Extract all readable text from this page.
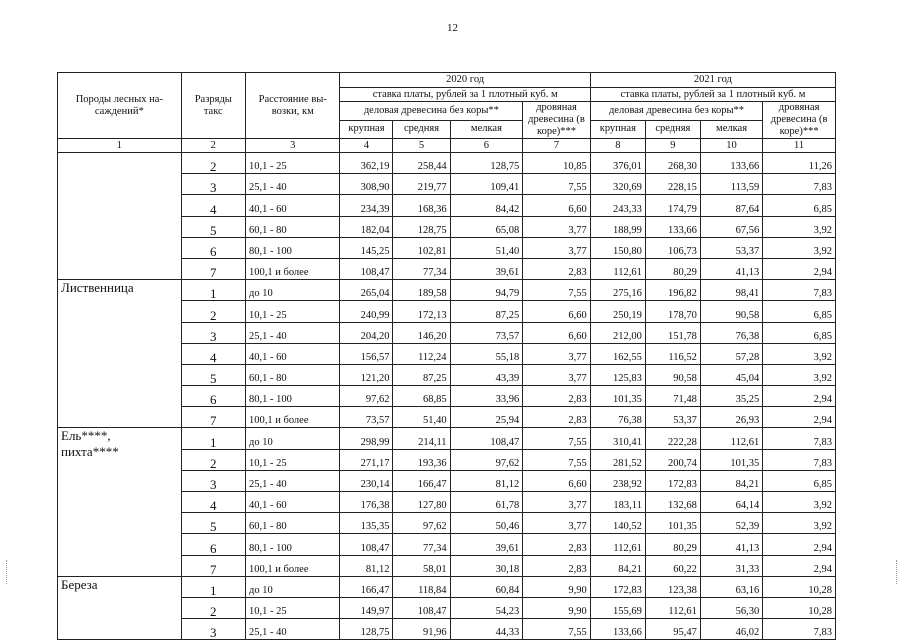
12
Породы лесных на-саждений*	Разряды такс	Расстояние вы-возки, км	2020 год				2021 год			
			ставка платы, рублей за 1 плотный куб. м				ставка платы, рублей за 1 плотный куб. м			
			деловая древесина без коры**			дровяная древесина (в коре)***	деловая древесина без коры**			дровяная древесина (в коре)***
			крупная	средняя	мелкая		крупная	средняя	мелкая	
1	2	3	4	5	6	7	8	9	10	11

	2	10,1 - 25	362,19	258,44	128,75	10,85	376,01	268,30	133,66	11,26
	3	25,1 - 40	308,90	219,77	109,41	7,55	320,69	228,15	113,59	7,83
	4	40,1 - 60	234,39	168,36	84,42	6,60	243,33	174,79	87,64	6,85
	5	60,1 - 80	182,04	128,75	65,08	3,77	188,99	133,66	67,56	3,92
	6	80,1 - 100	145,25	102,81	51,40	3,77	150,80	106,73	53,37	3,92
	7	100,1 и более	108,47	77,34	39,61	2,83	112,61	80,29	41,13	2,94

Лиственница	1	до 10	265,04	189,58	94,79	7,55	275,16	196,82	98,41	7,83
	2	10,1 - 25	240,99	172,13	87,25	6,60	250,19	178,70	90,58	6,85
	3	25,1 - 40	204,20	146,20	73,57	6,60	212,00	151,78	76,38	6,85
	4	40,1 - 60	156,57	112,24	55,18	3,77	162,55	116,52	57,28	3,92
	5	60,1 - 80	121,20	87,25	43,39	3,77	125,83	90,58	45,04	3,92
	6	80,1 - 100	97,62	68,85	33,96	2,83	101,35	71,48	35,25	2,94
	7	100,1 и более	73,57	51,40	25,94	2,83	76,38	53,37	26,93	2,94

Ель****,
пихта****	1	до 10	298,99	214,11	108,47	7,55	310,41	222,28	112,61	7,83
	2	10,1 - 25	271,17	193,36	97,62	7,55	281,52	200,74	101,35	7,83
	3	25,1 - 40	230,14	166,47	81,12	6,60	238,92	172,83	84,21	6,85
	4	40,1 - 60	176,38	127,80	61,78	3,77	183,11	132,68	64,14	3,92
	5	60,1 - 80	135,35	97,62	50,46	3,77	140,52	101,35	52,39	3,92
	6	80,1 - 100	108,47	77,34	39,61	2,83	112,61	80,29	41,13	2,94
	7	100,1 и более	81,12	58,01	30,18	2,83	84,21	60,22	31,33	2,94

Береза	1	до 10	166,47	118,84	60,84	9,90	172,83	123,38	63,16	10,28
	2	10,1 - 25	149,97	108,47	54,23	9,90	155,69	112,61	56,30	10,28
	3	25,1 - 40	128,75	91,96	44,33	7,55	133,66	95,47	46,02	7,83
